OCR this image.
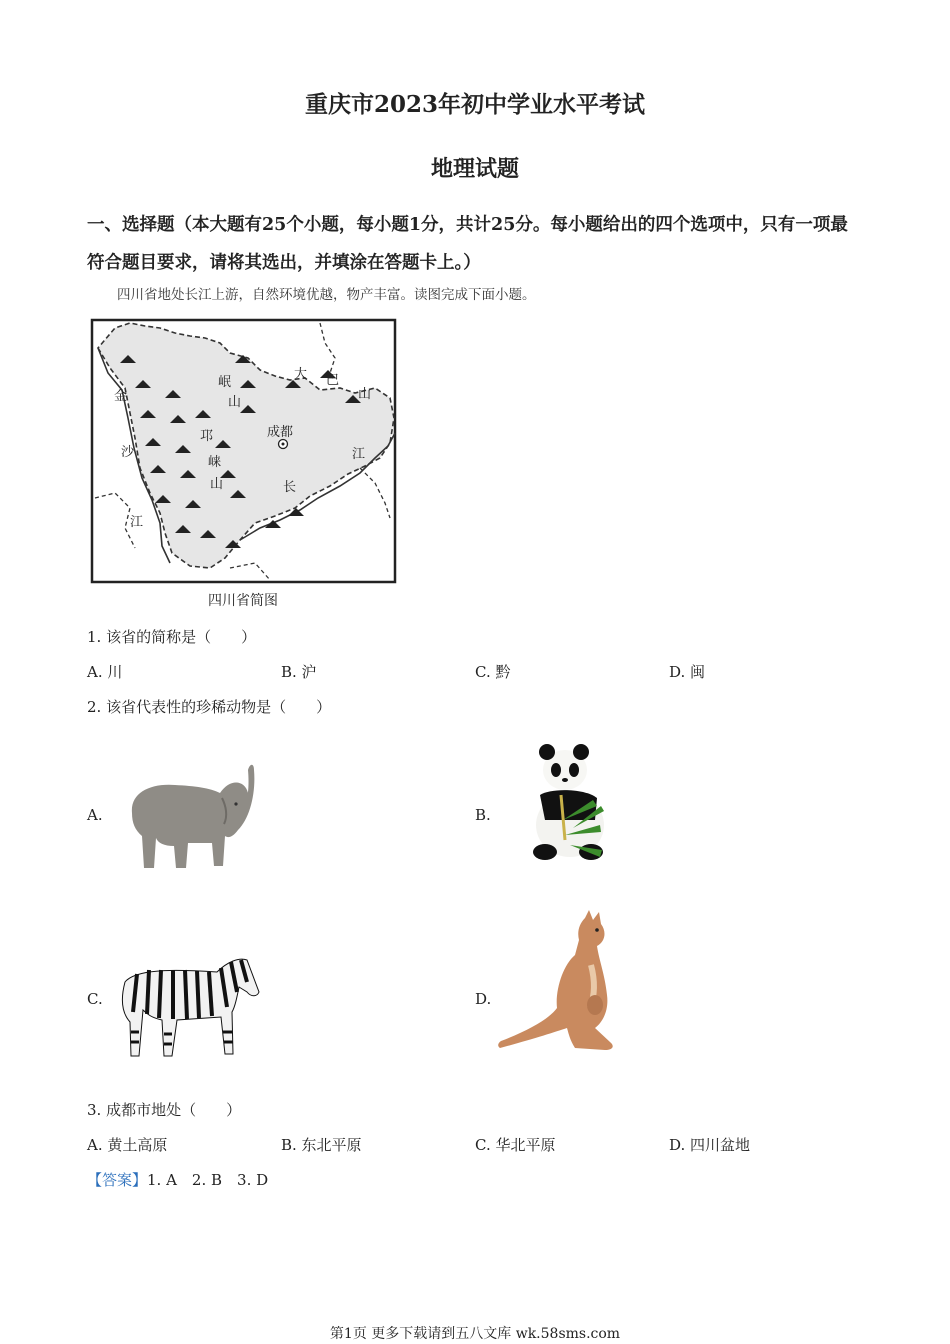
重庆市2023年初中学业水平考试
地理试题
一、选择题（本大题有25个小题，每小题1分，共计25分。每小题给出的四个选项中，只有一项最符合题目要求，请将其选出，并填涂在答题卡上。）
四川省地处长江上游，自然环境优越，物产丰富。读图完成下面小题。
岷
山
大 巴
山
金
沙
江
邛
崃
山
成都
江
长
四川省简图
1. 该省的简称是（　　）
A. 川	B. 沪	C. 黔	D. 闽
2. 该省代表性的珍稀动物是（　　）
A.	B.
C.	D.
3. 成都市地处（　　）
A. 黄土高原	B. 东北平原	C. 华北平原	D. 四川盆地
【答案】1. A　2. B　3. D
第1页 更多下载请到五八文库 wk.58sms.com
